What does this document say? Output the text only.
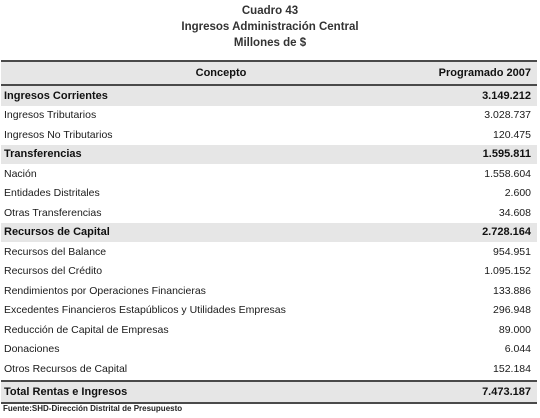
Cuadro 43
Ingresos Administración Central
Millones de $
Concepto	Programado 2007
Ingresos Corrientes	3.149.212
Ingresos Tributarios	3.028.737
Ingresos No Tributarios	120.475
Transferencias	1.595.811
Nación	1.558.604
Entidades Distritales	2.600
Otras Transferencias	34.608
Recursos de Capital	2.728.164
Recursos del Balance	954.951
Recursos del Crédito	1.095.152
Rendimientos por Operaciones Financieras	133.886
Excedentes Financieros Estapúblicos y Utilidades Empresas	296.948
Reducción de Capital de Empresas	89.000
Donaciones	6.044
Otros Recursos de Capital	152.184
Total Rentas e Ingresos	7.473.187
Fuente:SHD-Dirección Distrital de Presupuesto
